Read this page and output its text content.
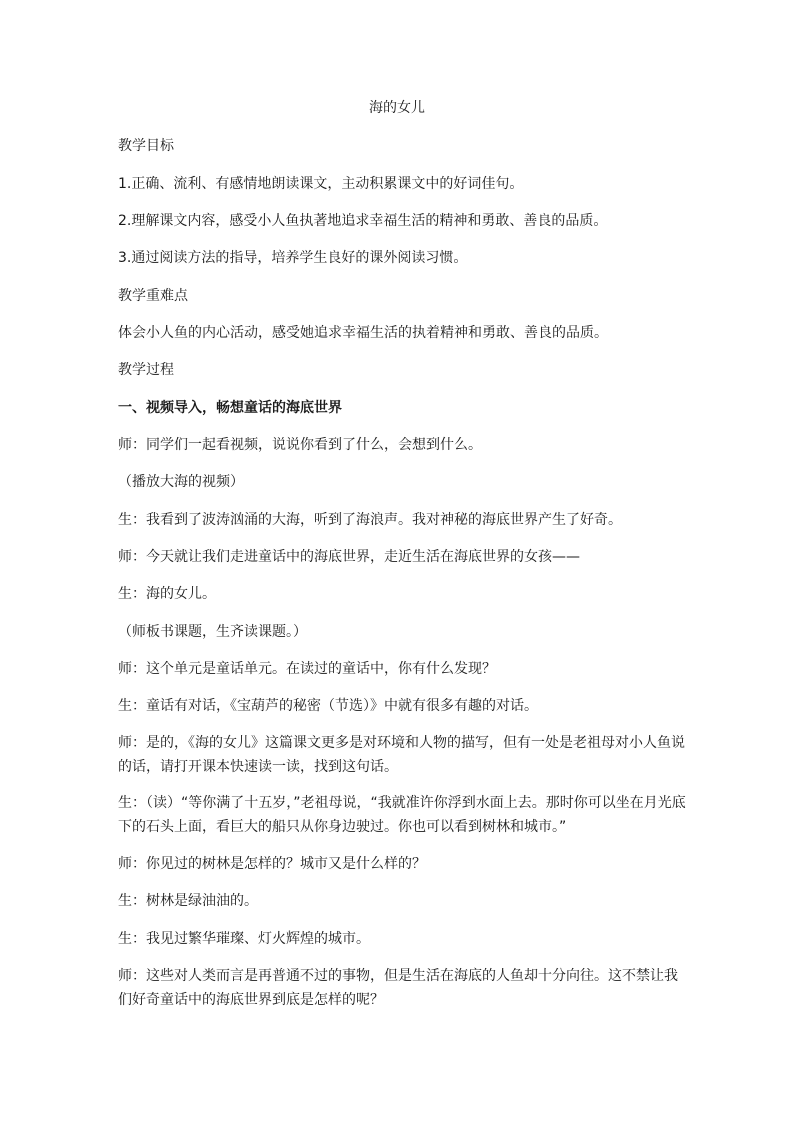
海的女儿
教学目标
1.正确、流利、有感情地朗读课文，主动积累课文中的好词佳句。
2.理解课文内容，感受小人鱼执著地追求幸福生活的精神和勇敢、善良的品质。
3.通过阅读方法的指导，培养学生良好的课外阅读习惯。
教学重难点
体会小人鱼的内心活动，感受她追求幸福生活的执着精神和勇敢、善良的品质。
教学过程
一、视频导入，畅想童话的海底世界
师：同学们一起看视频，说说你看到了什么，会想到什么。
（播放大海的视频）
生：我看到了波涛汹涌的大海，听到了海浪声。我对神秘的海底世界产生了好奇。
师：今天就让我们走进童话中的海底世界，走近生活在海底世界的女孩——
生：海的女儿。
（师板书课题，生齐读课题。）
师：这个单元是童话单元。在读过的童话中，你有什么发现？
生：童话有对话，《宝葫芦的秘密（节选）》中就有很多有趣的对话。
师：是的，《海的女儿》这篇课文更多是对环境和人物的描写，但有一处是老祖母对小人鱼说的话，请打开课本快速读一读，找到这句话。
生：（读）“等你满了十五岁，”老祖母说，“我就准许你浮到水面上去。那时你可以坐在月光底下的石头上面，看巨大的船只从你身边驶过。你也可以看到树林和城市。”
师：你见过的树林是怎样的？城市又是什么样的？
生：树林是绿油油的。
生：我见过繁华璀璨、灯火辉煌的城市。
师：这些对人类而言是再普通不过的事物，但是生活在海底的人鱼却十分向往。这不禁让我们好奇童话中的海底世界到底是怎样的呢？
